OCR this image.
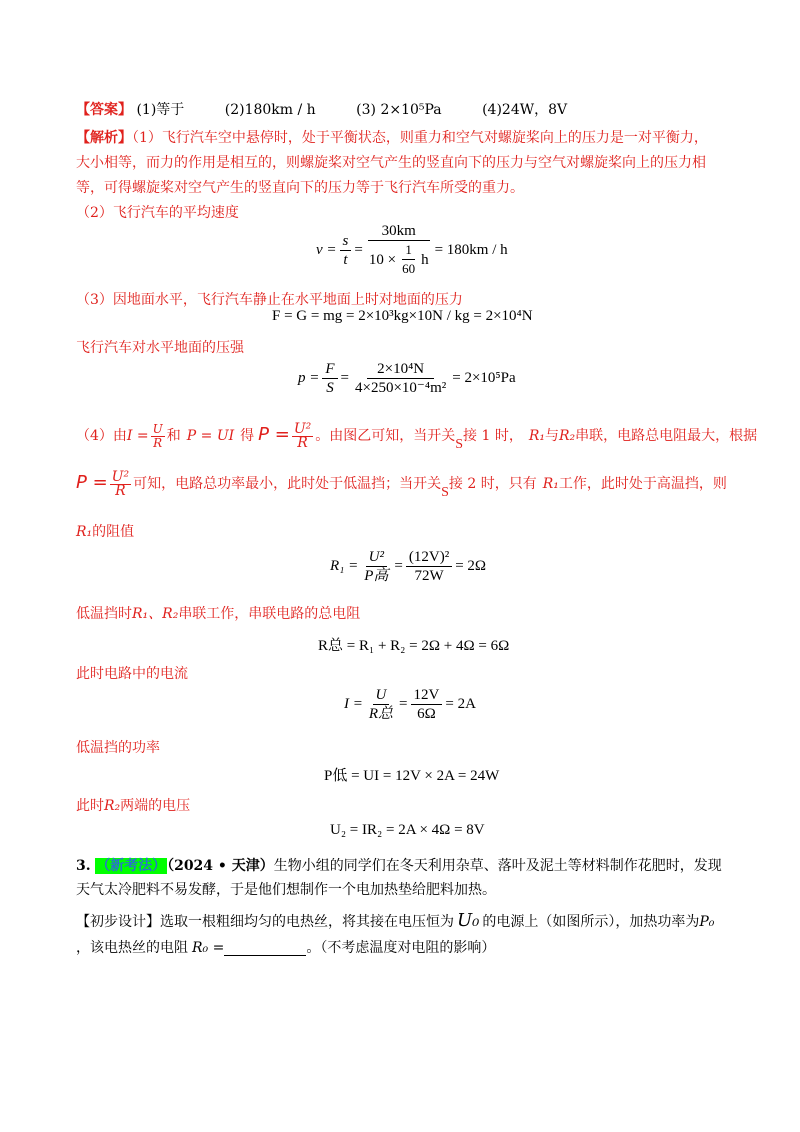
【答案】 (1)等于	(2)180km / h	(3) 2×10⁵Pa	(4)24W，8V
【解析】（1）飞行汽车空中悬停时，处于平衡状态，则重力和空气对螺旋桨向上的压力是一对平衡力，
大小相等，而力的作用是相互的，则螺旋桨对空气产生的竖直向下的压力与空气对螺旋桨向上的压力相
等，可得螺旋桨对空气产生的竖直向下的压力等于飞行汽车所受的重力。
（2）飞行汽车的平均速度
$v = \frac{s}{t} = \frac{30km}{10 \times \frac{1}{60} h} = 180km / h$
（3）因地面水平，飞行汽车静止在水平地面上时对地面的压力
F = G = mg = 2×10³kg×10N / kg = 2×10⁴N
飞行汽车对水平地面的压强
$p = \frac{F}{S} = \frac{\text{2×10⁴N}}{\text{4×250×10⁻⁴m²}} = 2\times 10^5Pa$
（4）由$I = \frac{U}{R}$ 和 P = UI 得 $P = \frac{\text{U²}}{R}$ 。由图乙可知，当开关S接 1 时， R₁与R₂串联，电路总电阻最大，根据
$P = \frac{\text{U²}}{R}$ 可知，电路总功率最小，此时处于低温挡；当开关S接 2 时，只有 R₁工作，此时处于高温挡，则
R₁的阻值
$R_1 = \frac{\text{U²}}{\text{P高}} = \frac{\text{(12V)²}}{72W} = 2\Omega$
低温挡时R₁、R₂串联工作，串联电路的总电阻
R总 = R₁ + R₂ = 2Ω + 4Ω = 6Ω
此时电路中的电流
$I = \frac{U}{\text{R总}} = \frac{12V}{6\Omega} = 2A$
低温挡的功率
P低 = UI = 12V × 2A = 24W
此时R₂两端的电压
U₂ = IR₂ = 2A × 4Ω = 8V
3. （新考法）（2024 • 天津）生物小组的同学们在冬天利用杂草、落叶及泥土等材料制作花肥时，发现
天气太冷肥料不易发酵，于是他们想制作一个电加热垫给肥料加热。
【初步设计】选取一根粗细均匀的电热丝，将其接在电压恒为 U₀ 的电源上（如图所示），加热功率为P₀
，该电热丝的电阻 R₀ =	。（不考虑温度对电阻的影响）
